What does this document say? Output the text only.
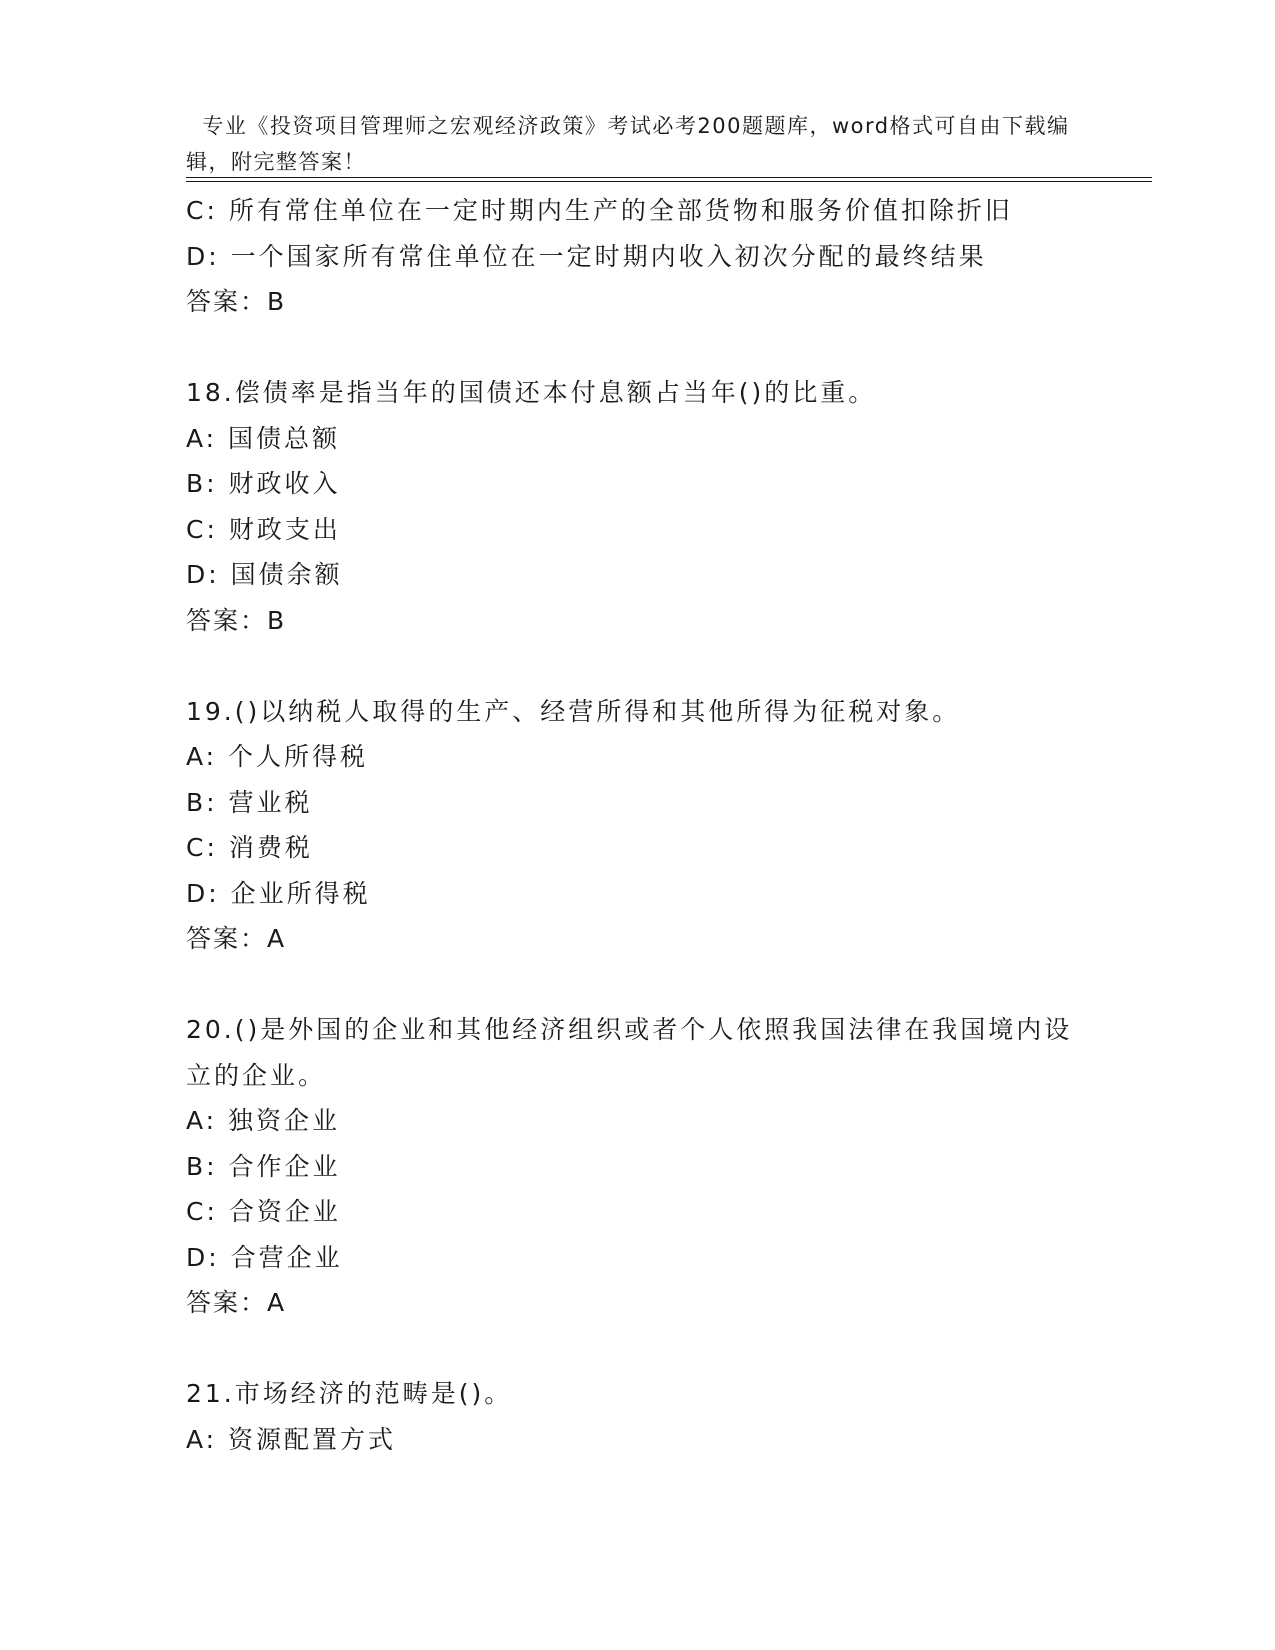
专业《投资项目管理师之宏观经济政策》考试必考200题题库，word格式可自由下载编辑，附完整答案！

C: 所有常住单位在一定时期内生产的全部货物和服务价值扣除折旧
D: 一个国家所有常住单位在一定时期内收入初次分配的最终结果
答案：B
18.偿债率是指当年的国债还本付息额占当年()的比重。
A: 国债总额
B: 财政收入
C: 财政支出
D: 国债余额
答案：B
19.()以纳税人取得的生产、经营所得和其他所得为征税对象。
A: 个人所得税
B: 营业税
C: 消费税
D: 企业所得税
答案：A
20.()是外国的企业和其他经济组织或者个人依照我国法律在我国境内设立的企业。
A: 独资企业
B: 合作企业
C: 合资企业
D: 合营企业
答案：A
21.市场经济的范畴是()。
A: 资源配置方式
